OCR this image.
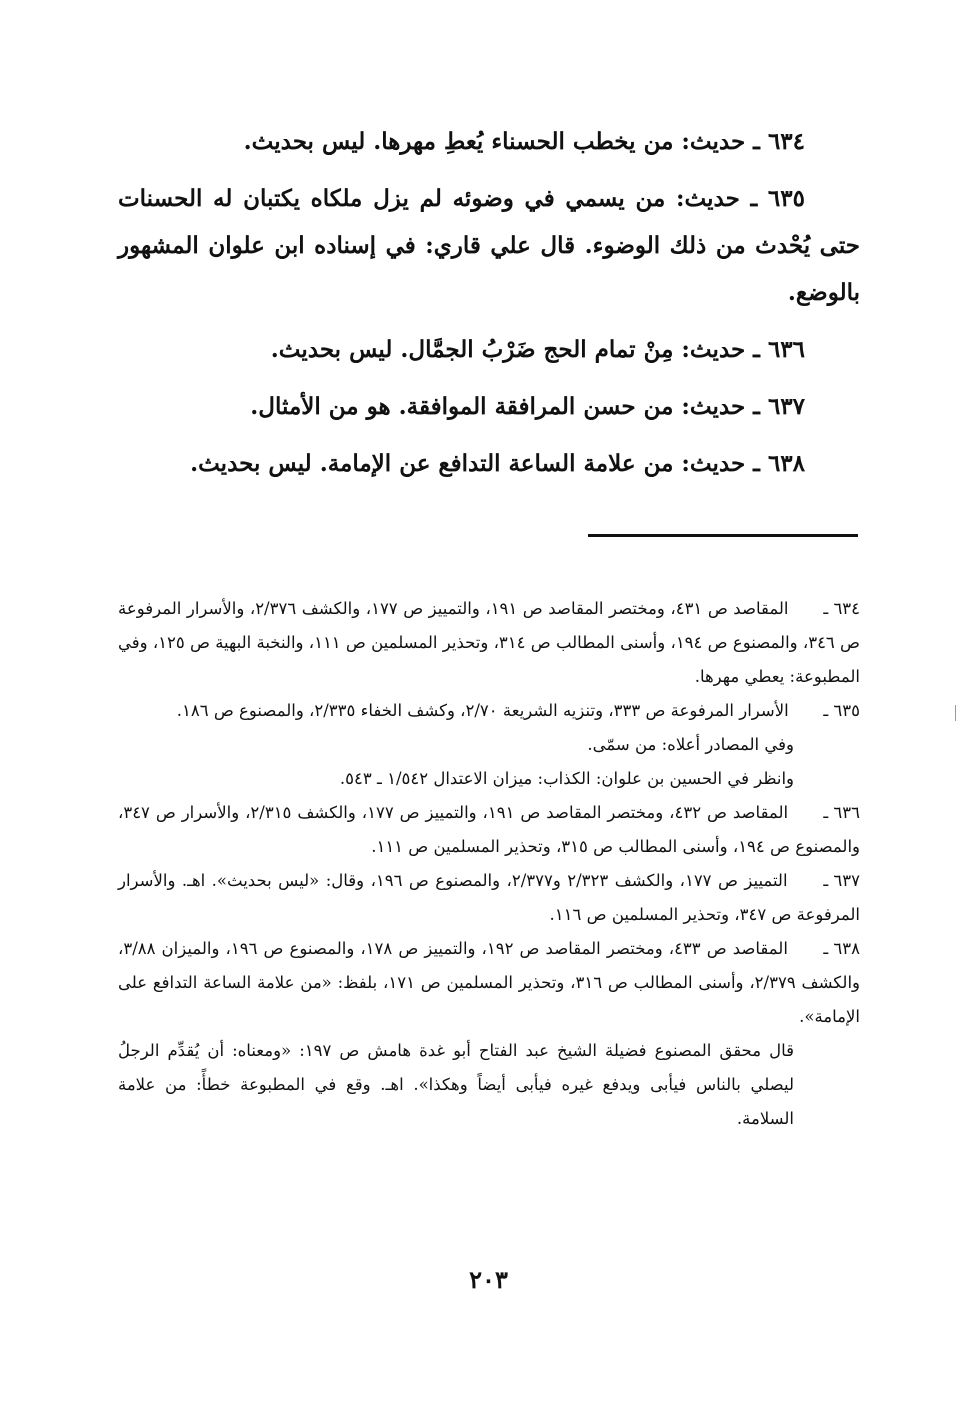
٦٣٤ ـ حديث: من يخطب الحسناء يُعطِ مهرها. ليس بحديث.

٦٣٥ ـ حديث: من يسمي في وضوئه لم يزل ملكاه يكتبان له الحسنات حتى يُحْدث من ذلك الوضوء. قال علي قاري: في إسناده ابن علوان المشهور بالوضع.

٦٣٦ ـ حديث: مِنْ تمام الحج ضَرْبُ الجمَّال. ليس بحديث.

٦٣٧ ـ حديث: من حسن المرافقة الموافقة. هو من الأمثال.

٦٣٨ ـ حديث: من علامة الساعة التدافع عن الإمامة. ليس بحديث.

٦٣٤ ـ المقاصد ص ٤٣١، ومختصر المقاصد ص ١٩١، والتمييز ص ١٧٧، والكشف ٢/٣٧٦، والأسرار المرفوعة ص ٣٤٦، والمصنوع ص ١٩٤، وأسنى المطالب ص ٣١٤، وتحذير المسلمين ص ١١١، والنخبة البهية ص ١٢٥، وفي المطبوعة: يعطي مهرها.

٦٣٥ ـ الأسرار المرفوعة ص ٣٣٣، وتنزيه الشريعة ٢/٧٠، وكشف الخفاء ٢/٣٣٥، والمصنوع ص ١٨٦.

وفي المصادر أعلاه: من سمّى.

وانظر في الحسين بن علوان: الكذاب: ميزان الاعتدال ١/٥٤٢ ـ ٥٤٣.

٦٣٦ ـ المقاصد ص ٤٣٢، ومختصر المقاصد ص ١٩١، والتمييز ص ١٧٧، والكشف ٢/٣١٥، والأسرار ص ٣٤٧، والمصنوع ص ١٩٤، وأسنى المطالب ص ٣١٥، وتحذير المسلمين ص ١١١.

٦٣٧ ـ التمييز ص ١٧٧، والكشف ٢/٣٢٣ و٢/٣٧٧، والمصنوع ص ١٩٦، وقال: «ليس بحديث». اهـ. والأسرار المرفوعة ص ٣٤٧، وتحذير المسلمين ص ١١٦.

٦٣٨ ـ المقاصد ص ٤٣٣، ومختصر المقاصد ص ١٩٢، والتمييز ص ١٧٨، والمصنوع ص ١٩٦، والميزان ٣/٨٨، والكشف ٢/٣٧٩، وأسنى المطالب ص ٣١٦، وتحذير المسلمين ص ١٧١، بلفظ: «من علامة الساعة التدافع على الإمامة».

قال محقق المصنوع فضيلة الشيخ عبد الفتاح أبو غدة هامش ص ١٩٧: «ومعناه: أن يُقدِّم الرجلُ ليصلي بالناس فيأبى ويدفع غيره فيأبى أيضاً وهكذا». اهـ. وقع في المطبوعة خطأً: من علامة السلامة.

٢٠٣
